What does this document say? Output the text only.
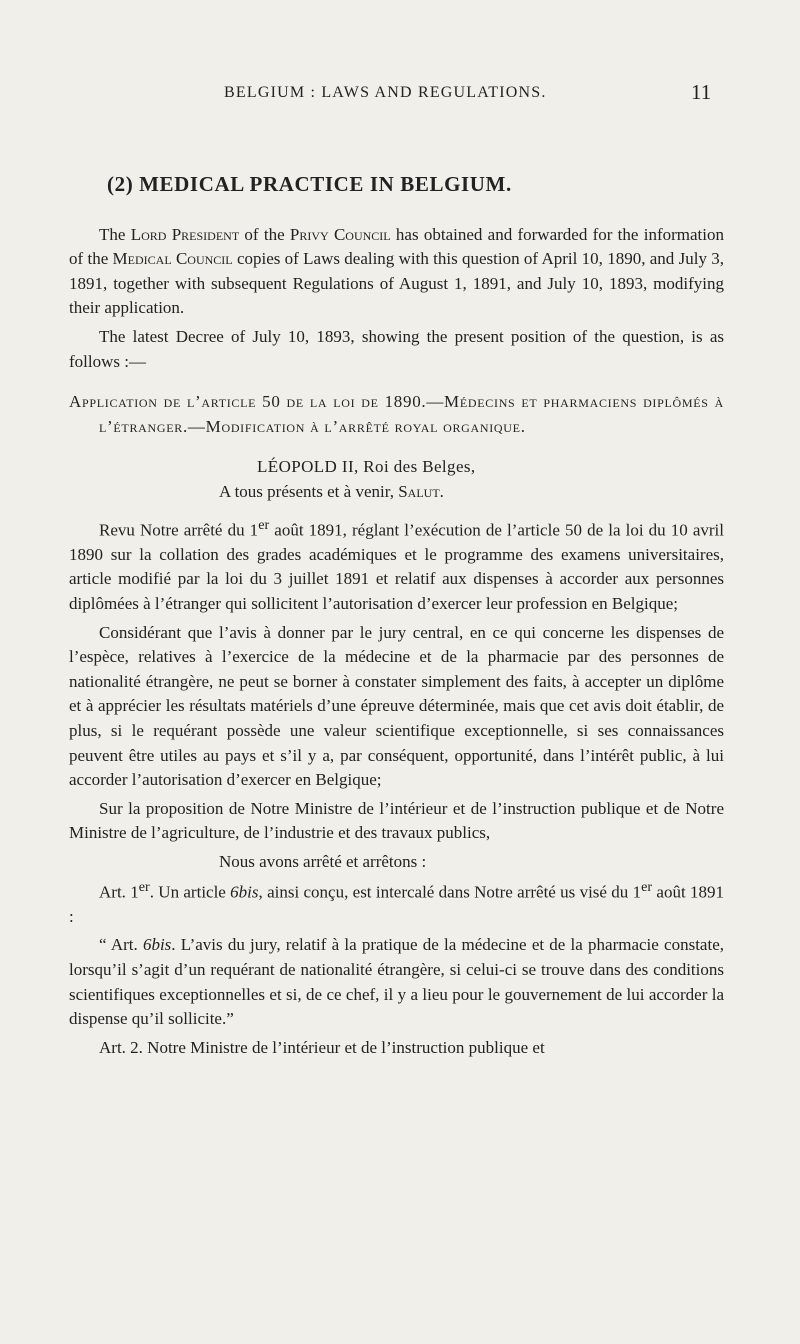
BELGIUM : LAWS AND REGULATIONS.	11
(2) MEDICAL PRACTICE IN BELGIUM.

The Lord President of the Privy Council has obtained and forwarded for the information of the Medical Council copies of Laws dealing with this question of April 10, 1890, and July 3, 1891, together with subsequent Regulations of August 1, 1891, and July 10, 1893, modifying their application.

The latest Decree of July 10, 1893, showing the present position of the question, is as follows :—

Application de l’article 50 de la loi de 1890.—Médecins et pharmaciens diplômés à l’étranger.—Modification à l’arrêté royal organique.

LÉOPOLD II, Roi des Belges,

A tous présents et à venir, Salut.

Revu Notre arrêté du 1er août 1891, réglant l’exécution de l’article 50 de la loi du 10 avril 1890 sur la collation des grades académiques et le programme des examens universitaires, article modifié par la loi du 3 juillet 1891 et relatif aux dispenses à accorder aux personnes diplômées à l’étranger qui sollicitent l’autorisation d’exercer leur profession en Belgique;

Considérant que l’avis à donner par le jury central, en ce qui concerne les dispenses de l’espèce, relatives à l’exercice de la médecine et de la pharmacie par des personnes de nationalité étrangère, ne peut se borner à constater simplement des faits, à accepter un diplôme et à apprécier les résultats matériels d’une épreuve déterminée, mais que cet avis doit établir, de plus, si le requérant possède une valeur scientifique exceptionnelle, si ses connaissances peuvent être utiles au pays et s’il y a, par conséquent, opportunité, dans l’intérêt public, à lui accorder l’autorisation d’exercer en Belgique;

Sur la proposition de Notre Ministre de l’intérieur et de l’instruction publique et de Notre Ministre de l’agriculture, de l’industrie et des travaux publics,

Nous avons arrêté et arrêtons :

Art. 1er. Un article 6bis, ainsi conçu, est intercalé dans Notre arrêté us visé du 1er août 1891 :

“ Art. 6bis. L’avis du jury, relatif à la pratique de la médecine et de la pharmacie constate, lorsqu’il s’agit d’un requérant de nationalité étrangère, si celui-ci se trouve dans des conditions scientifiques exceptionnelles et si, de ce chef, il y a lieu pour le gouvernement de lui accorder la dispense qu’il sollicite.”

Art. 2. Notre Ministre de l’intérieur et de l’instruction publique et
